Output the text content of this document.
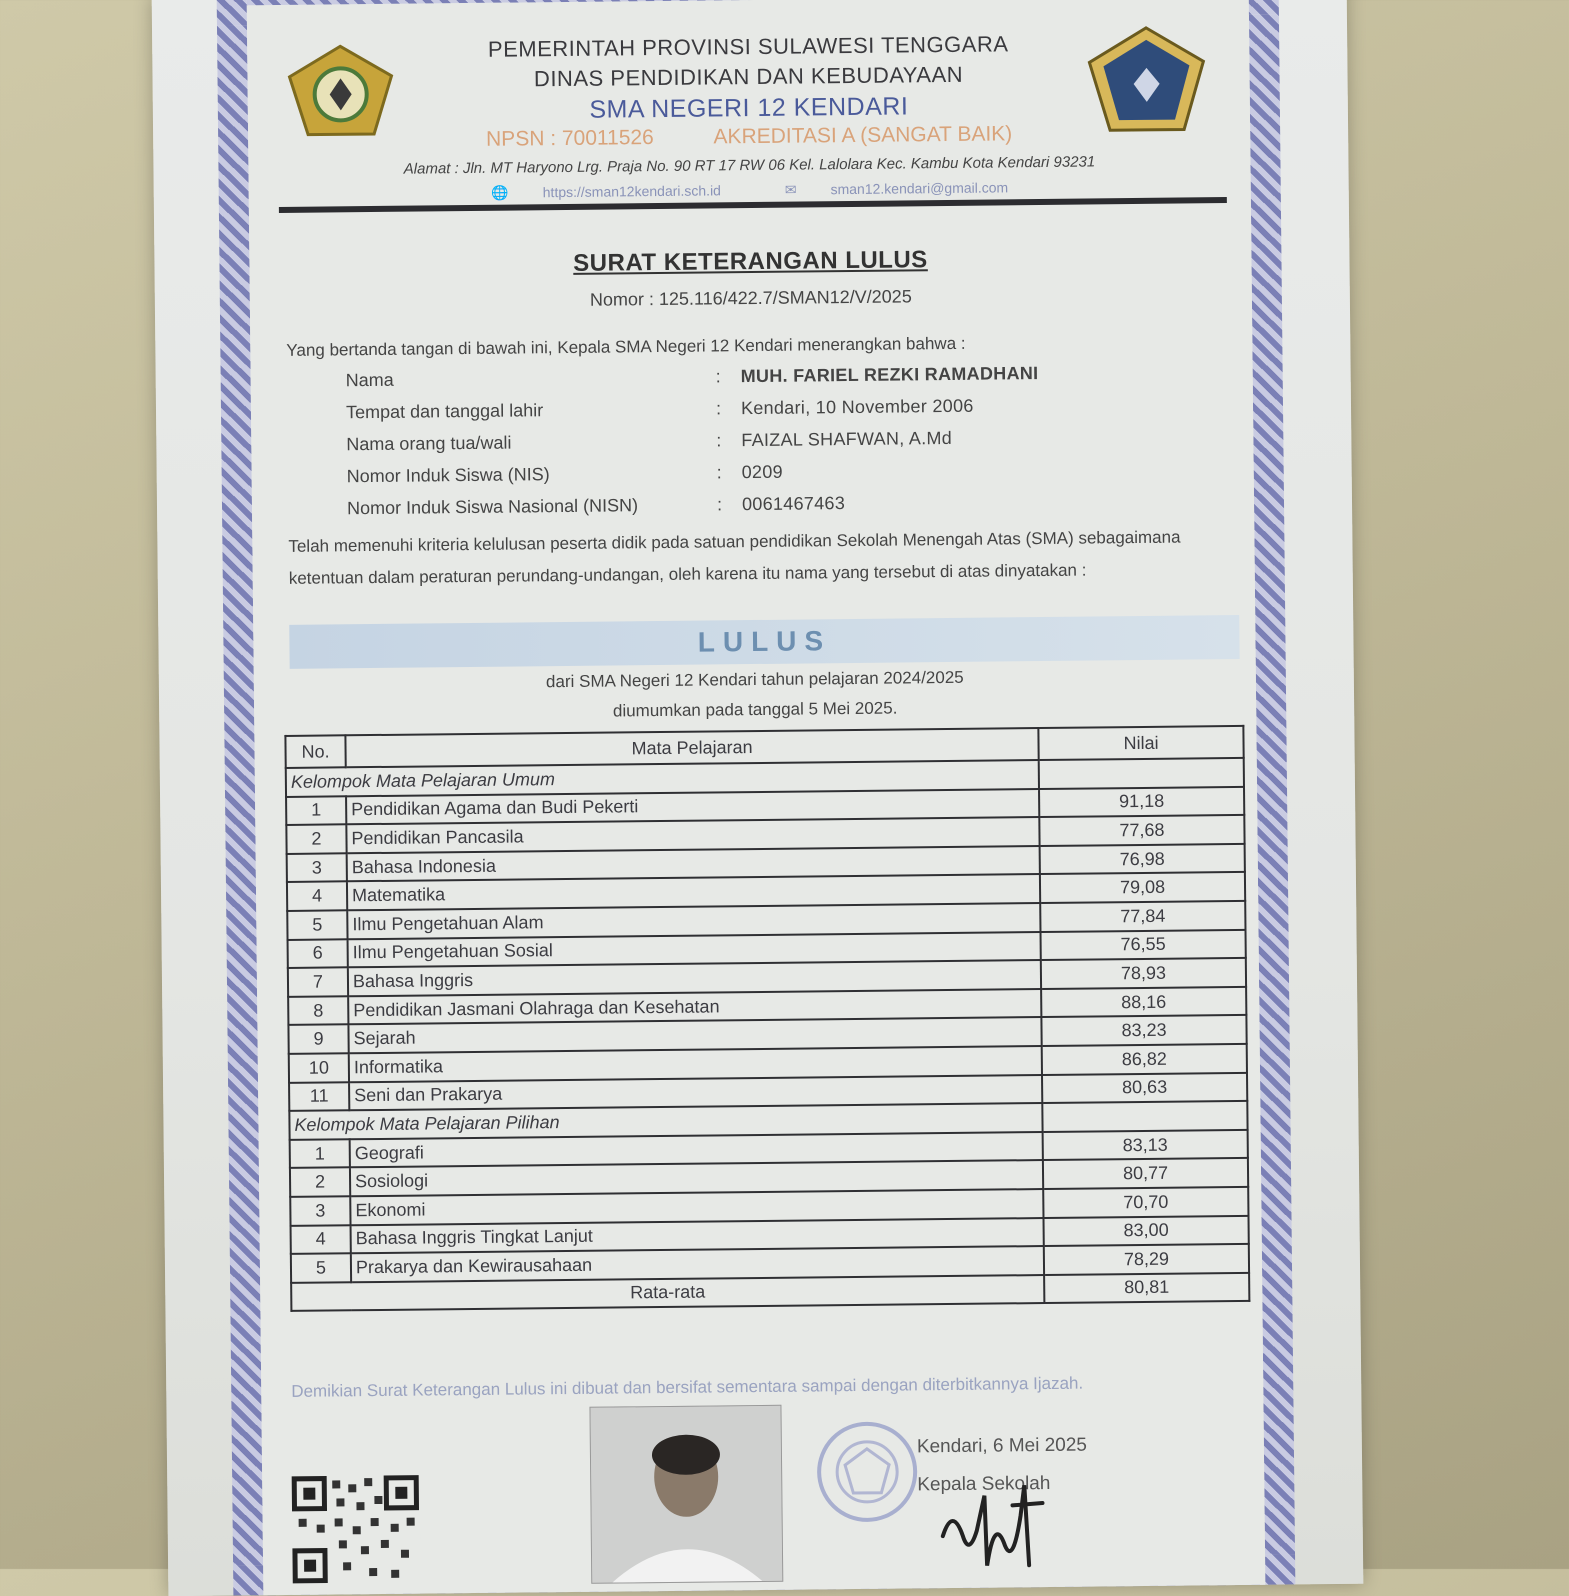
PEMERINTAH PROVINSI SULAWESI TENGGARA
DINAS PENDIDIKAN DAN KEBUDAYAAN
SMA NEGERI 12 KENDARI
NPSN : 70011526	AKREDITASI A (SANGAT BAIK)
Alamat : Jln. MT Haryono Lrg. Praja No. 90 RT 17 RW 06 Kel. Lalolara Kec. Kambu Kota Kendari 93231
🌐 https://sman12kendari.sch.id	✉ sman12.kendari@gmail.com
SURAT KETERANGAN LULUS
Nomor : 125.116/422.7/SMAN12/V/2025
Yang bertanda tangan di bawah ini, Kepala SMA Negeri 12 Kendari menerangkan bahwa :
Nama	:	MUH. FARIEL REZKI RAMADHANI
Tempat dan tanggal lahir	:	Kendari, 10 November 2006
Nama orang tua/wali	:	FAIZAL SHAFWAN, A.Md
Nomor Induk Siswa (NIS)	:	0209
Nomor Induk Siswa Nasional (NISN)	:	0061467463
Telah memenuhi kriteria kelulusan peserta didik pada satuan pendidikan Sekolah Menengah Atas (SMA) sebagaimana ketentuan dalam peraturan perundang-undangan, oleh karena itu nama yang tersebut di atas dinyatakan :
LULUS
dari SMA Negeri 12 Kendari tahun pelajaran 2024/2025
diumumkan pada tanggal 5 Mei 2025.
No.	Mata Pelajaran	Nilai
Kelompok Mata Pelajaran Umum		
1	Pendidikan Agama dan Budi Pekerti	91,18
2	Pendidikan Pancasila	77,68
3	Bahasa Indonesia	76,98
4	Matematika	79,08
5	Ilmu Pengetahuan Alam	77,84
6	Ilmu Pengetahuan Sosial	76,55
7	Bahasa Inggris	78,93
8	Pendidikan Jasmani Olahraga dan Kesehatan	88,16
9	Sejarah	83,23
10	Informatika	86,82
11	Seni dan Prakarya	80,63
Kelompok Mata Pelajaran Pilihan		
1	Geografi	83,13
2	Sosiologi	80,77
3	Ekonomi	70,70
4	Bahasa Inggris Tingkat Lanjut	83,00
5	Prakarya dan Kewirausahaan	78,29
Rata-rata		80,81
Demikian Surat Keterangan Lulus ini dibuat dan bersifat sementara sampai dengan diterbitkannya Ijazah.
Kendari, 6 Mei 2025
Kepala Sekolah
